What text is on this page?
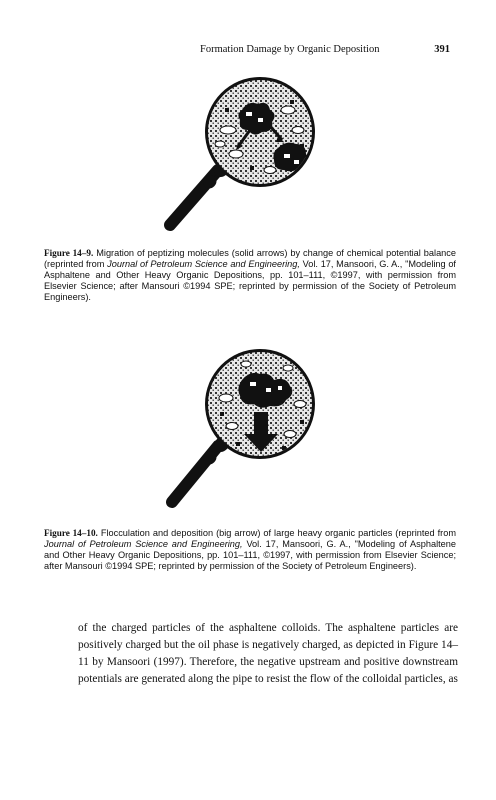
Formation Damage by Organic Deposition	391

Figure 14–9. Migration of peptizing molecules (solid arrows) by change of chemical potential balance (reprinted from Journal of Petroleum Science and Engineering, Vol. 17, Mansoori, G. A., "Modeling of Asphaltene and Other Heavy Organic Depositions, pp. 101–111, ©1997, with permission from Elsevier Science; after Mansouri ©1994 SPE; reprinted by permission of the Society of Petroleum Engineers).

Figure 14–10. Flocculation and deposition (big arrow) of large heavy organic particles (reprinted from Journal of Petroleum Science and Engineering, Vol. 17, Mansoori, G. A., "Modeling of Asphaltene and Other Heavy Organic Depositions, pp. 101–111, ©1997, with permission from Elsevier Science; after Mansouri ©1994 SPE; reprinted by permission of the Society of Petroleum Engineers).

of the charged particles of the asphaltene colloids. The asphaltene particles are positively charged but the oil phase is negatively charged, as depicted in Figure 14–11 by Mansoori (1997). Therefore, the negative upstream and positive downstream potentials are generated along the pipe to resist the flow of the colloidal particles, as
